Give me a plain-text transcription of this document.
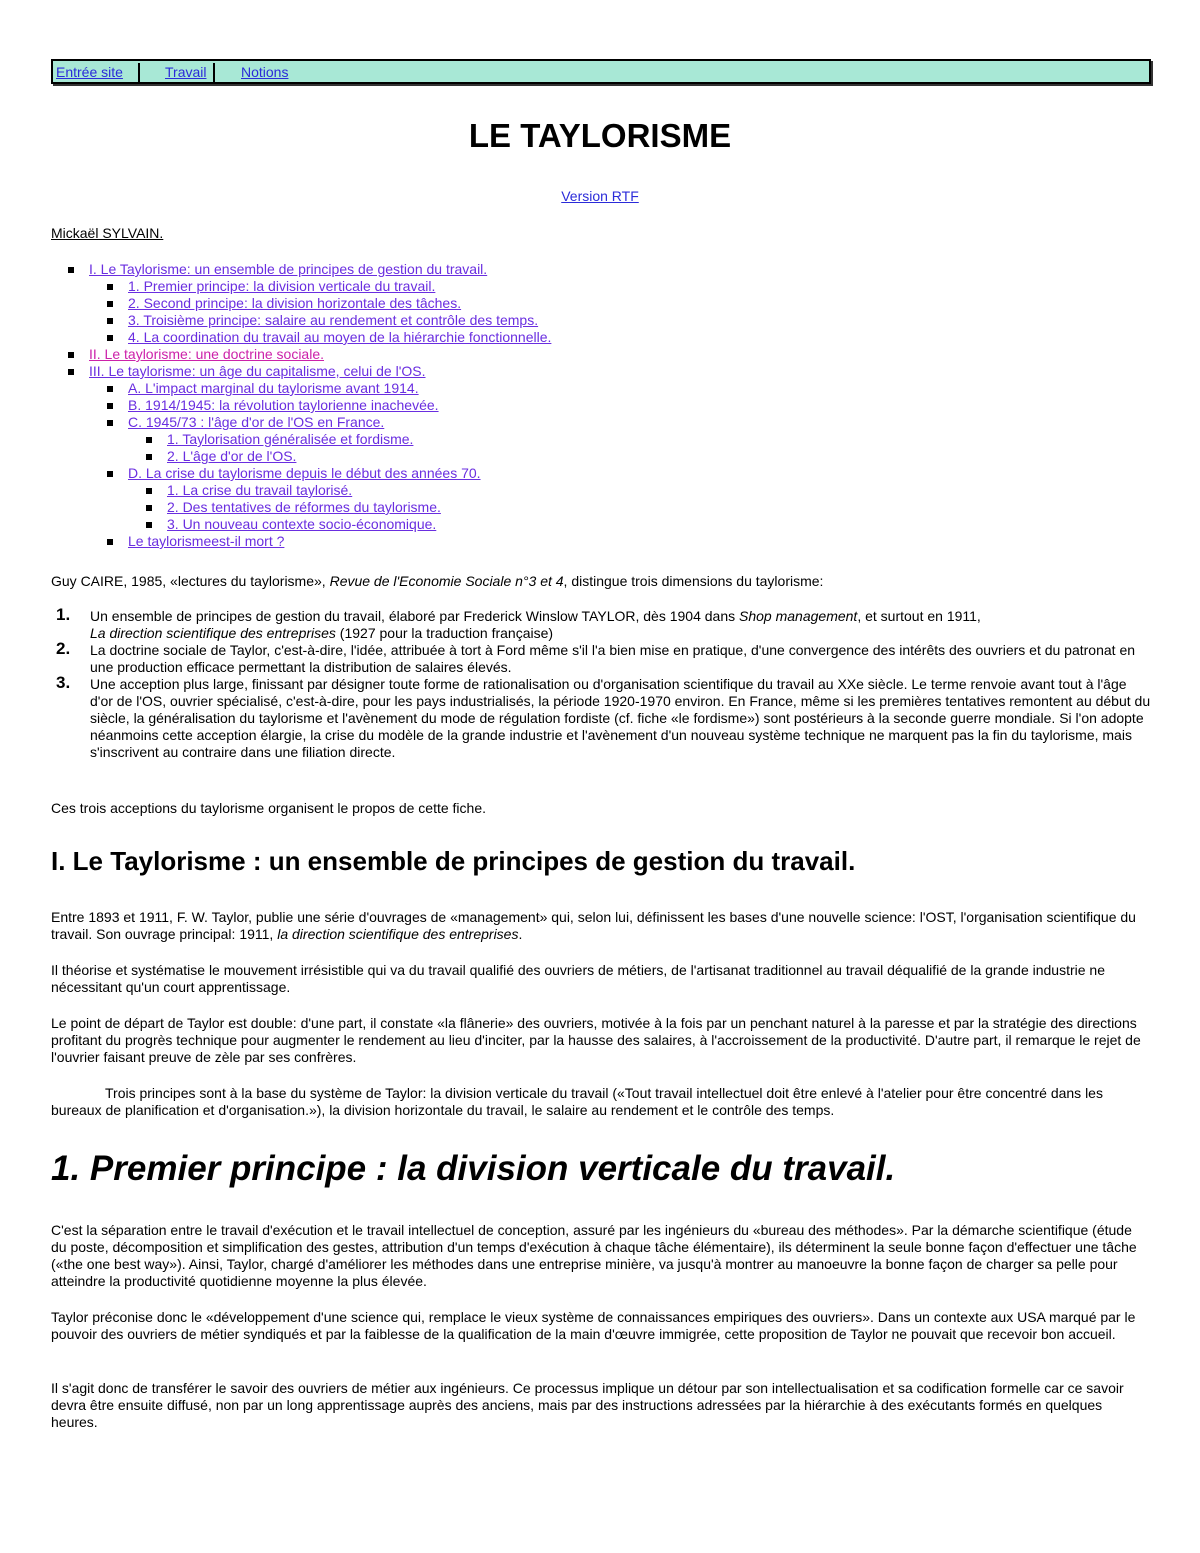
Entrée site	Travail Notions
LE TAYLORISME
Version RTF
Mickaël SYLVAIN.
I. Le Taylorisme: un ensemble de principes de gestion du travail.
1. Premier principe: la division verticale du travail.
2. Second principe: la division horizontale des tâches.
3. Troisième principe: salaire au rendement et contrôle des temps.
4. La coordination du travail au moyen de la hiérarchie fonctionnelle.
II. Le taylorisme: une doctrine sociale.
III. Le taylorisme: un âge du capitalisme, celui de l'OS.
A. L'impact marginal du taylorisme avant 1914.
B. 1914/1945: la révolution taylorienne inachevée.
C. 1945/73 : l'âge d'or de l'OS en France.
1. Taylorisation généralisée et fordisme.
2. L'âge d'or de l'OS.
D. La crise du taylorisme depuis le début des années 70.
1. La crise du travail taylorisé.
2. Des tentatives de réformes du taylorisme.
3. Un nouveau contexte socio-économique.
Le taylorismeest-il mort ?
Guy CAIRE, 1985, «lectures du taylorisme», Revue de l'Economie Sociale n°3 et 4, distingue trois dimensions du taylorisme:
1. Un ensemble de principes de gestion du travail, élaboré par Frederick Winslow TAYLOR, dès 1904 dans Shop management, et surtout en 1911,
La direction scientifique des entreprises (1927 pour la traduction française)
2. La doctrine sociale de Taylor, c'est-à-dire, l'idée, attribuée à tort à Ford même s'il l'a bien mise en pratique, d'une convergence des intérêts des ouvriers et du patronat en une production efficace permettant la distribution de salaires élevés.
3. Une acception plus large, finissant par désigner toute forme de rationalisation ou d'organisation scientifique du travail au XXe siècle. Le terme renvoie avant tout à l'âge d'or de l'OS, ouvrier spécialisé, c'est-à-dire, pour les pays industrialisés, la période 1920-1970 environ. En France, même si les premières tentatives remontent au début du siècle, la généralisation du taylorisme et l'avènement du mode de régulation fordiste (cf. fiche «le fordisme») sont postérieurs à la seconde guerre mondiale. Si l'on adopte néanmoins cette acception élargie, la crise du modèle de la grande industrie et l'avènement d'un nouveau système technique ne marquent pas la fin du taylorisme, mais s'inscrivent au contraire dans une filiation directe.

Ces trois acceptions du taylorisme organisent le propos de cette fiche.

I. Le Taylorisme : un ensemble de principes de gestion du travail.

Entre 1893 et 1911, F. W. Taylor, publie une série d'ouvrages de «management» qui, selon lui, définissent les bases d'une nouvelle science: l'OST, l'organisation scientifique du travail. Son ouvrage principal: 1911, la direction scientifique des entreprises.

Il théorise et systématise le mouvement irrésistible qui va du travail qualifié des ouvriers de métiers, de l'artisanat traditionnel au travail déqualifié de la grande industrie ne nécessitant qu'un court apprentissage.

Le point de départ de Taylor est double: d'une part, il constate «la flânerie» des ouvriers, motivée à la fois par un penchant naturel à la paresse et par la stratégie des directions profitant du progrès technique pour augmenter le rendement au lieu d'inciter, par la hausse des salaires, à l'accroissement de la productivité. D'autre part, il remarque le rejet de l'ouvrier faisant preuve de zèle par ses confrères.

Trois principes sont à la base du système de Taylor: la division verticale du travail («Tout travail intellectuel doit être enlevé à l'atelier pour être concentré dans les bureaux de planification et d'organisation.»), la division horizontale du travail, le salaire au rendement et le contrôle des temps.

1. Premier principe : la division verticale du travail.

C'est la séparation entre le travail d'exécution et le travail intellectuel de conception, assuré par les ingénieurs du «bureau des méthodes». Par la démarche scientifique (étude du poste, décomposition et simplification des gestes, attribution d'un temps d'exécution à chaque tâche élémentaire), ils déterminent la seule bonne façon d'effectuer une tâche («the one best way»). Ainsi, Taylor, chargé d'améliorer les méthodes dans une entreprise minière, va jusqu'à montrer au manoeuvre la bonne façon de charger sa pelle pour atteindre la productivité quotidienne moyenne la plus élevée.

Taylor préconise donc le «développement d'une science qui, remplace le vieux système de connaissances empiriques des ouvriers». Dans un contexte aux USA marqué par le pouvoir des ouvriers de métier syndiqués et par la faiblesse de la qualification de la main d'œuvre immigrée, cette proposition de Taylor ne pouvait que recevoir bon accueil.

Il s'agit donc de transférer le savoir des ouvriers de métier aux ingénieurs. Ce processus implique un détour par son intellectualisation et sa codification formelle car ce savoir devra être ensuite diffusé, non par un long apprentissage auprès des anciens, mais par des instructions adressées par la hiérarchie à des exécutants formés en quelques heures.
